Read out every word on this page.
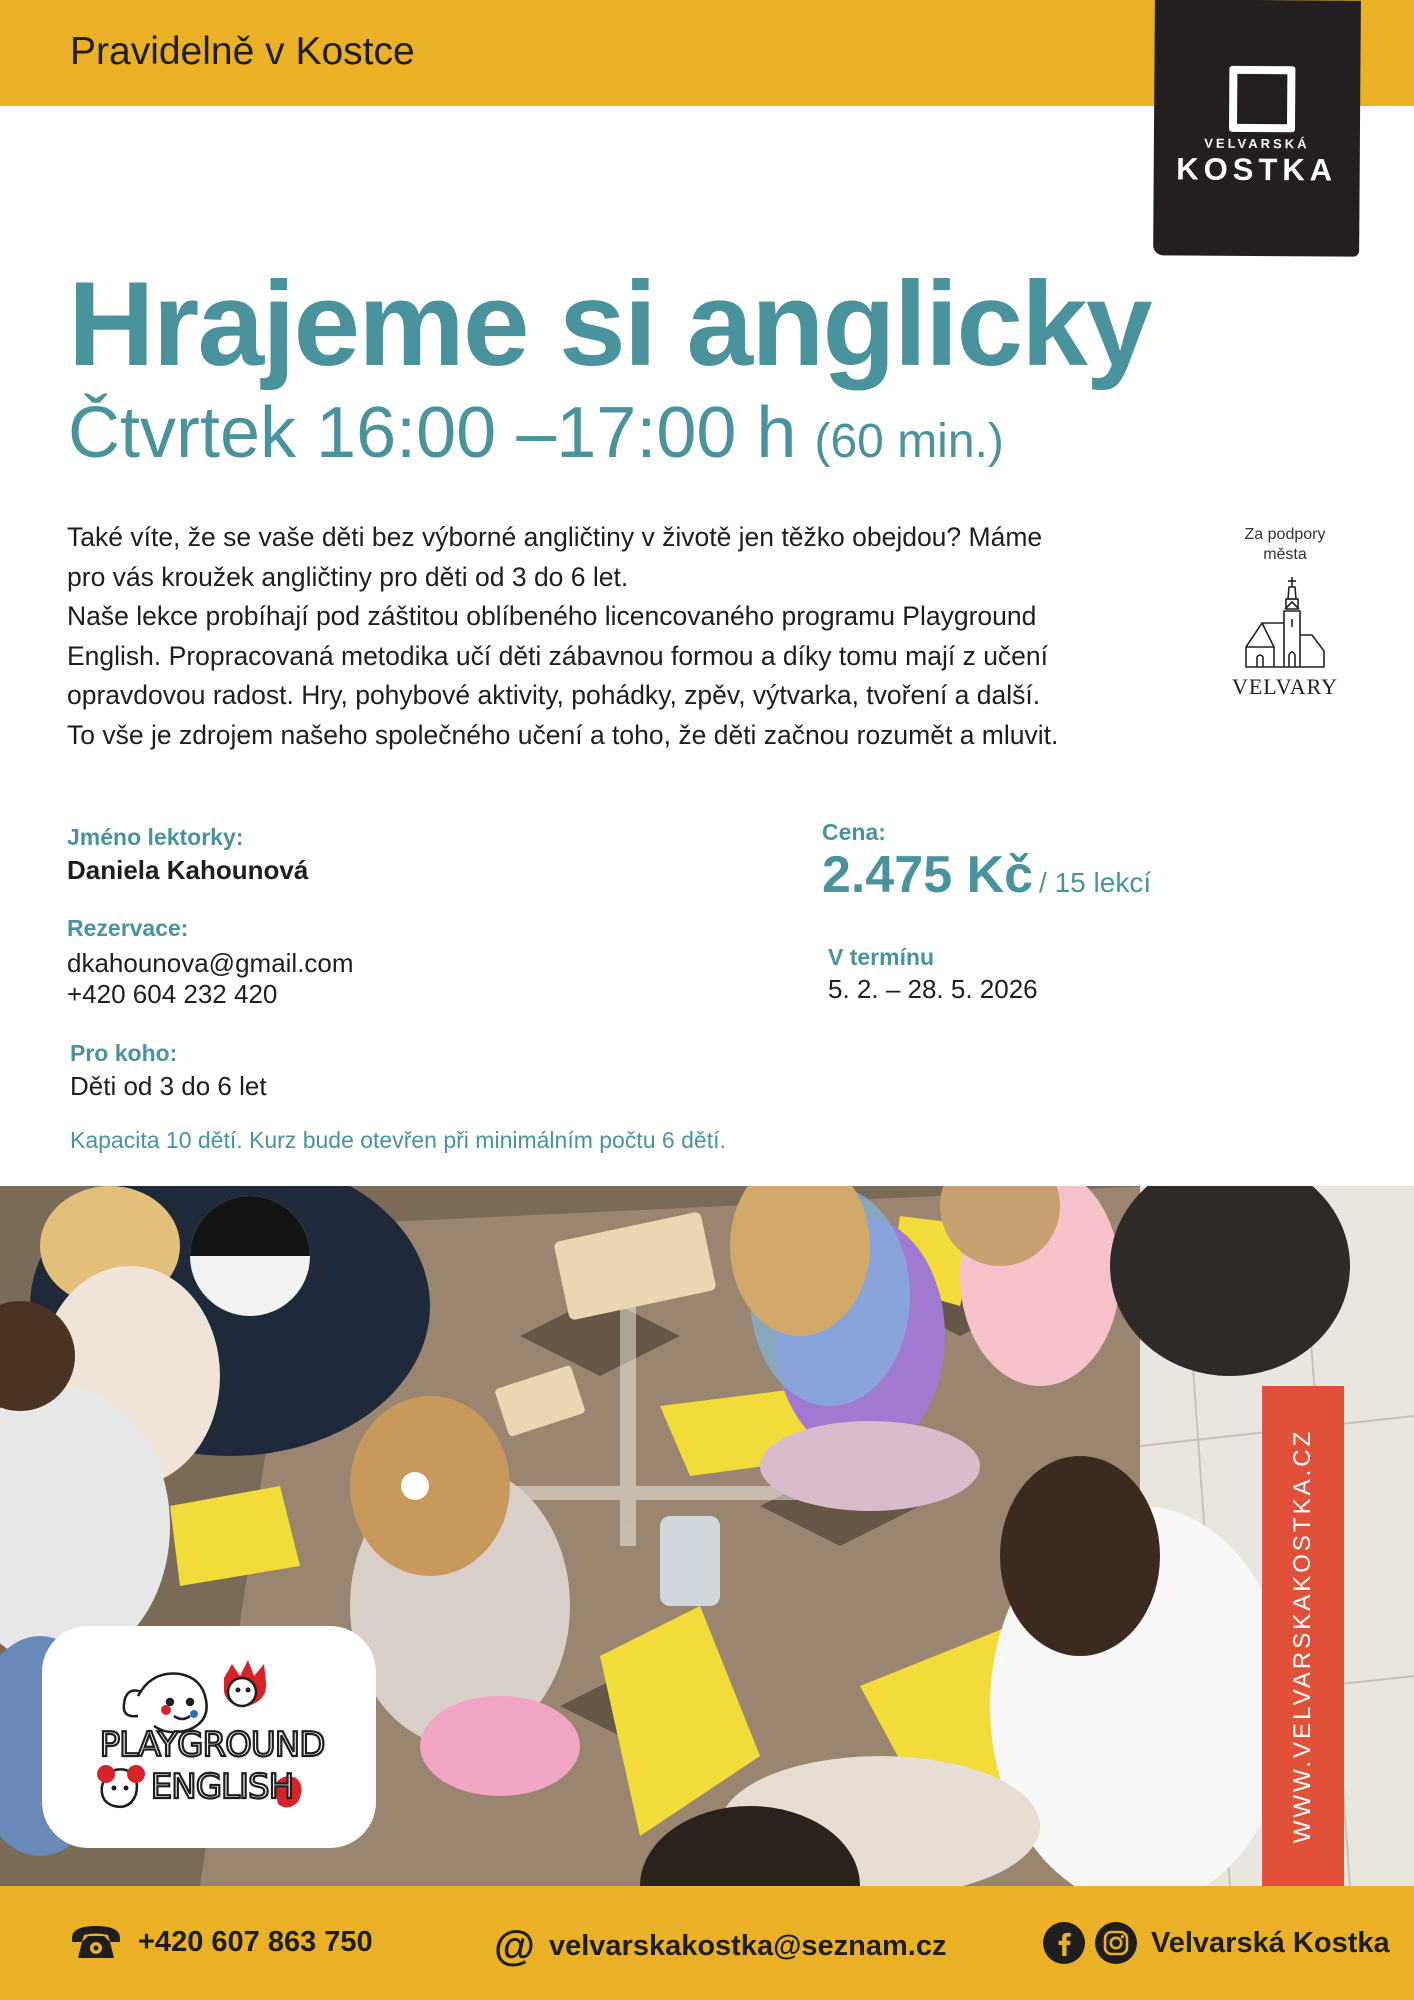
Pravidelně v Kostce
VELVARSKÁ
KOSTKA
Hrajeme si anglicky
Čtvrtek 16:00 –17:00 h (60 min.)

Také víte, že se vaše děti bez výborné angličtiny v životě jen těžko obejdou? Máme

pro vás kroužek angličtiny pro děti od 3 do 6 let.

Naše lekce probíhají pod záštitou oblíbeného licencovaného programu Playground

English. Propracovaná metodika učí děti zábavnou formou a díky tomu mají z učení

opravdovou radost. Hry, pohybové aktivity, pohádky, zpěv, výtvarka, tvoření a další.

To vše je zdrojem našeho společného učení a toho, že děti začnou rozumět a mluvit.

Za podpory
města
VELVARY
Jméno lektorky:
Daniela Kahounová
Rezervace:
dkahounova@gmail.com
+420 604 232 420
Pro koho:
Děti od 3 do 6 let
Cena:
2.475 Kč / 15 lekcí
V termínu
5. 2. – 28. 5. 2026
Kapacita 10 dětí. Kurz bude otevřen při minimálním počtu 6 dětí.
PLAYGROUND
ENGLISH	WWW.VELVARSKAKOSTKA.CZ
+420 607 863 750	@ velvarskakostka@seznam.cz	Velvarská Kostka
